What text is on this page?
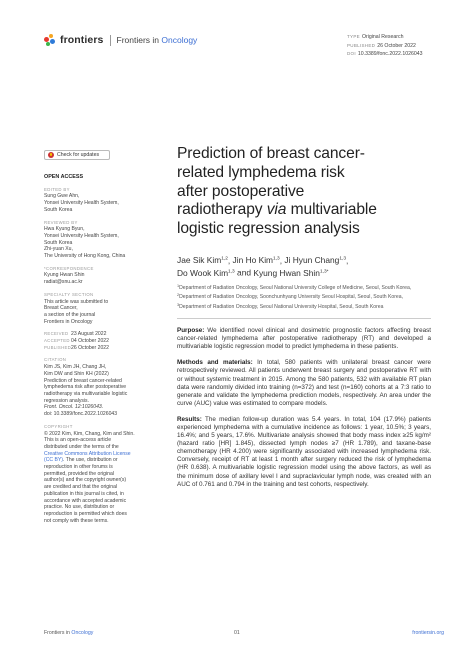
frontiers Frontiers in Oncology	TYPE Original Research
PUBLISHED 26 October 2022
DOI 10.3389/fonc.2022.1026043
Check for updates
OPEN ACCESS
EDITED BY
Sung Gwe Ahn,
Yonsei University Health System,
South Korea
REVIEWED BY
Hwa Kyung Byun,
Yonsei University Health System,
South Korea
Zhi-yuan Xu,
The University of Hong Kong, China
*CORRESPONDENCE
Kyung Hwan Shin
radiat@snu.ac.kr
SPECIALTY SECTION
This article was submitted to
Breast Cancer,
a section of the journal
Frontiers in Oncology
RECEIVED 23 August 2022
ACCEPTED 04 October 2022
PUBLISHED 26 October 2022
CITATION
Kim JS, Kim JH, Chang JH,
Kim DW and Shin KH (2022)
Prediction of breast cancer-related
lymphedema risk after postoperative
radiotherapy via multivariable logistic
regression analysis.
Front. Oncol. 12:1026043.
doi: 10.3389/fonc.2022.1026043
COPYRIGHT
© 2022 Kim, Kim, Chang, Kim and Shin.
This is an open-access article
distributed under the terms of the
Creative Commons Attribution License
(CC BY). The use, distribution or
reproduction in other forums is
permitted, provided the original
author(s) and the copyright owner(s)
are credited and that the original
publication in this journal is cited, in
accordance with accepted academic
practice. No use, distribution or
reproduction is permitted which does
not comply with these terms.
Prediction of breast cancer-
related lymphedema risk
after postoperative
radiotherapy via multivariable
logistic regression analysis
Jae Sik Kim$^{1,2}$, Jin Ho Kim$^{1,3}$, Ji Hyun Chang$^{1,3}$,
Do Wook Kim$^{1,3}$ and Kyung Hwan Shin$^{1,3*}$
$^1$Department of Radiation Oncology, Seoul National University College of Medicine, Seoul, South Korea,
$^2$Department of Radiation Oncology, Soonchunhyang University Seoul Hospital, Seoul, South Korea,
$^3$Department of Radiation Oncology, Seoul National University Hospital, Seoul, South Korea

Purpose: We identified novel clinical and dosimetric prognostic factors affecting breast cancer-related lymphedema after postoperative radiotherapy (RT) and developed a multivariable logistic regression model to predict lymphedema in these patients.

Methods and materials: In total, 580 patients with unilateral breast cancer were retrospectively reviewed. All patients underwent breast surgery and postoperative RT with or without systemic treatment in 2015. Among the 580 patients, 532 with available RT plan data were randomly divided into training (n=372) and test (n=160) cohorts at a 7:3 ratio to generate and validate the lymphedema prediction models, respectively. An area under the curve (AUC) value was estimated to compare models.

Results: The median follow-up duration was 5.4 years. In total, 104 (17.9%) patients experienced lymphedema with a cumulative incidence as follows: 1 year, 10.5%; 3 years, 16.4%; and 5 years, 17.6%. Multivariate analysis showed that body mass index ≥25 kg/m² (hazard ratio [HR] 1.845), dissected lymph nodes ≥7 (HR 1.789), and taxane-base chemotherapy (HR 4.200) were significantly associated with increased lymphedema risk. Conversely, receipt of RT at least 1 month after surgery reduced the risk of lymphedema (HR 0.638). A multivariable logistic regression model using the above factors, as well as the minimum dose of axillary level I and supraclavicular lymph node, was created with an AUC of 0.761 and 0.794 in the training and test cohorts, respectively.

Frontiers in Oncology	01	frontiersin.org
